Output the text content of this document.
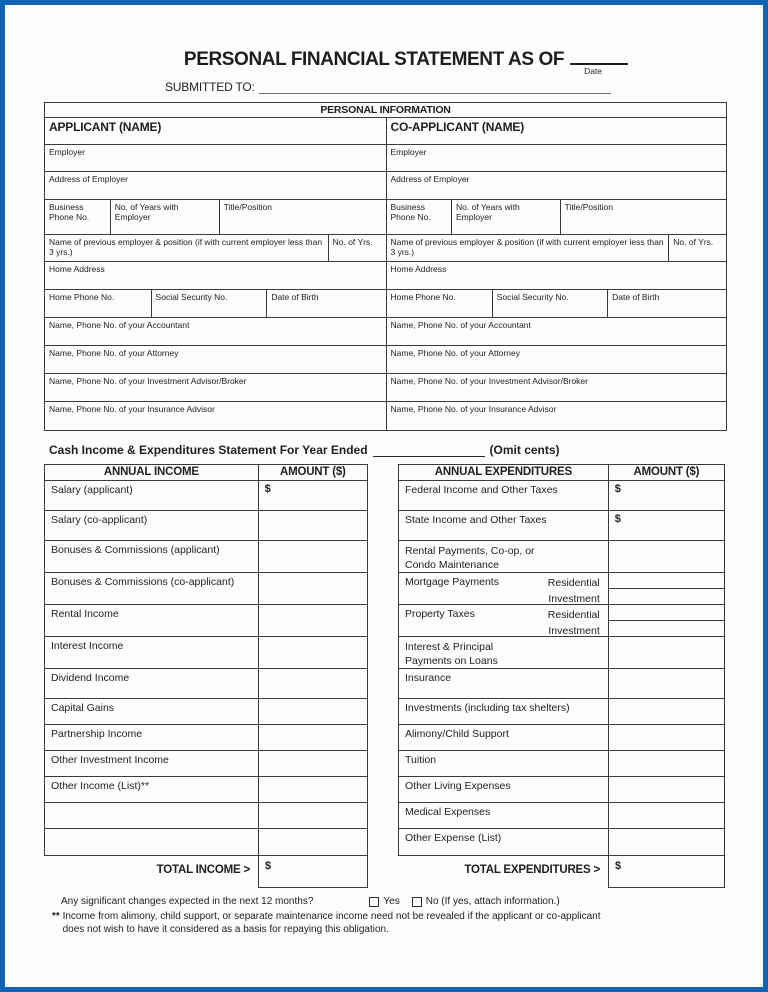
PERSONAL FINANCIAL STATEMENT AS OF
Date
SUBMITTED TO:
PERSONAL INFORMATION
APPLICANT (NAME)
Employer
Address of Employer
Business Phone No.
No. of Years with Employer
Title/Position
Name of previous employer & position (if with current employer less than 3 yrs.)
No. of Yrs.
Home Address
Home Phone No.	Social Security No.	Date of Birth
Name, Phone No. of your Accountant
Name, Phone No. of your Attorney
Name, Phone No. of your Investment Advisor/Broker
Name, Phone No. of your Insurance Advisor
CO-APPLICANT (NAME)
Employer
Address of Employer
Business Phone No.
No. of Years with Employer
Title/Position
Name of previous employer & position (if with current employer less than 3 yrs.)
No. of Yrs.
Home Address
Home Phone No.	Social Security No.	Date of Birth
Name, Phone No. of your Accountant
Name, Phone No. of your Attorney
Name, Phone No. of your Investment Advisor/Broker
Name, Phone No. of your Insurance Advisor
Cash Income & Expenditures Statement For Year Ended	(Omit cents)
ANNUAL INCOME	AMOUNT ($)
Salary (applicant)	$
Salary (co-applicant)
Bonuses & Commissions (applicant)
Bonuses & Commissions (co-applicant)
Rental Income
Interest Income
Dividend Income
Capital Gains
Partnership Income
Other Investment Income
Other Income (List)**
TOTAL INCOME >	$
ANNUAL EXPENDITURES	AMOUNT ($)
Federal Income and Other Taxes	$
State Income and Other Taxes	$
Rental Payments, Co-op, or
Condo Maintenance
Mortgage Payments	Residential
Investment
Property Taxes	Residential
Investment
Interest & Principal
Payments on Loans
Insurance
Investments (including tax shelters)
Alimony/Child Support
Tuition
Other Living Expenses
Medical Expenses
Other Expense (List)
TOTAL EXPENDITURES >	$
Any significant changes expected in the next 12 months?	Yes	No (If yes, attach information.)
** Income from alimony, child support, or separate maintenance income need not be revealed if the applicant or co-applicant does not wish to have it considered as a basis for repaying this obligation.
